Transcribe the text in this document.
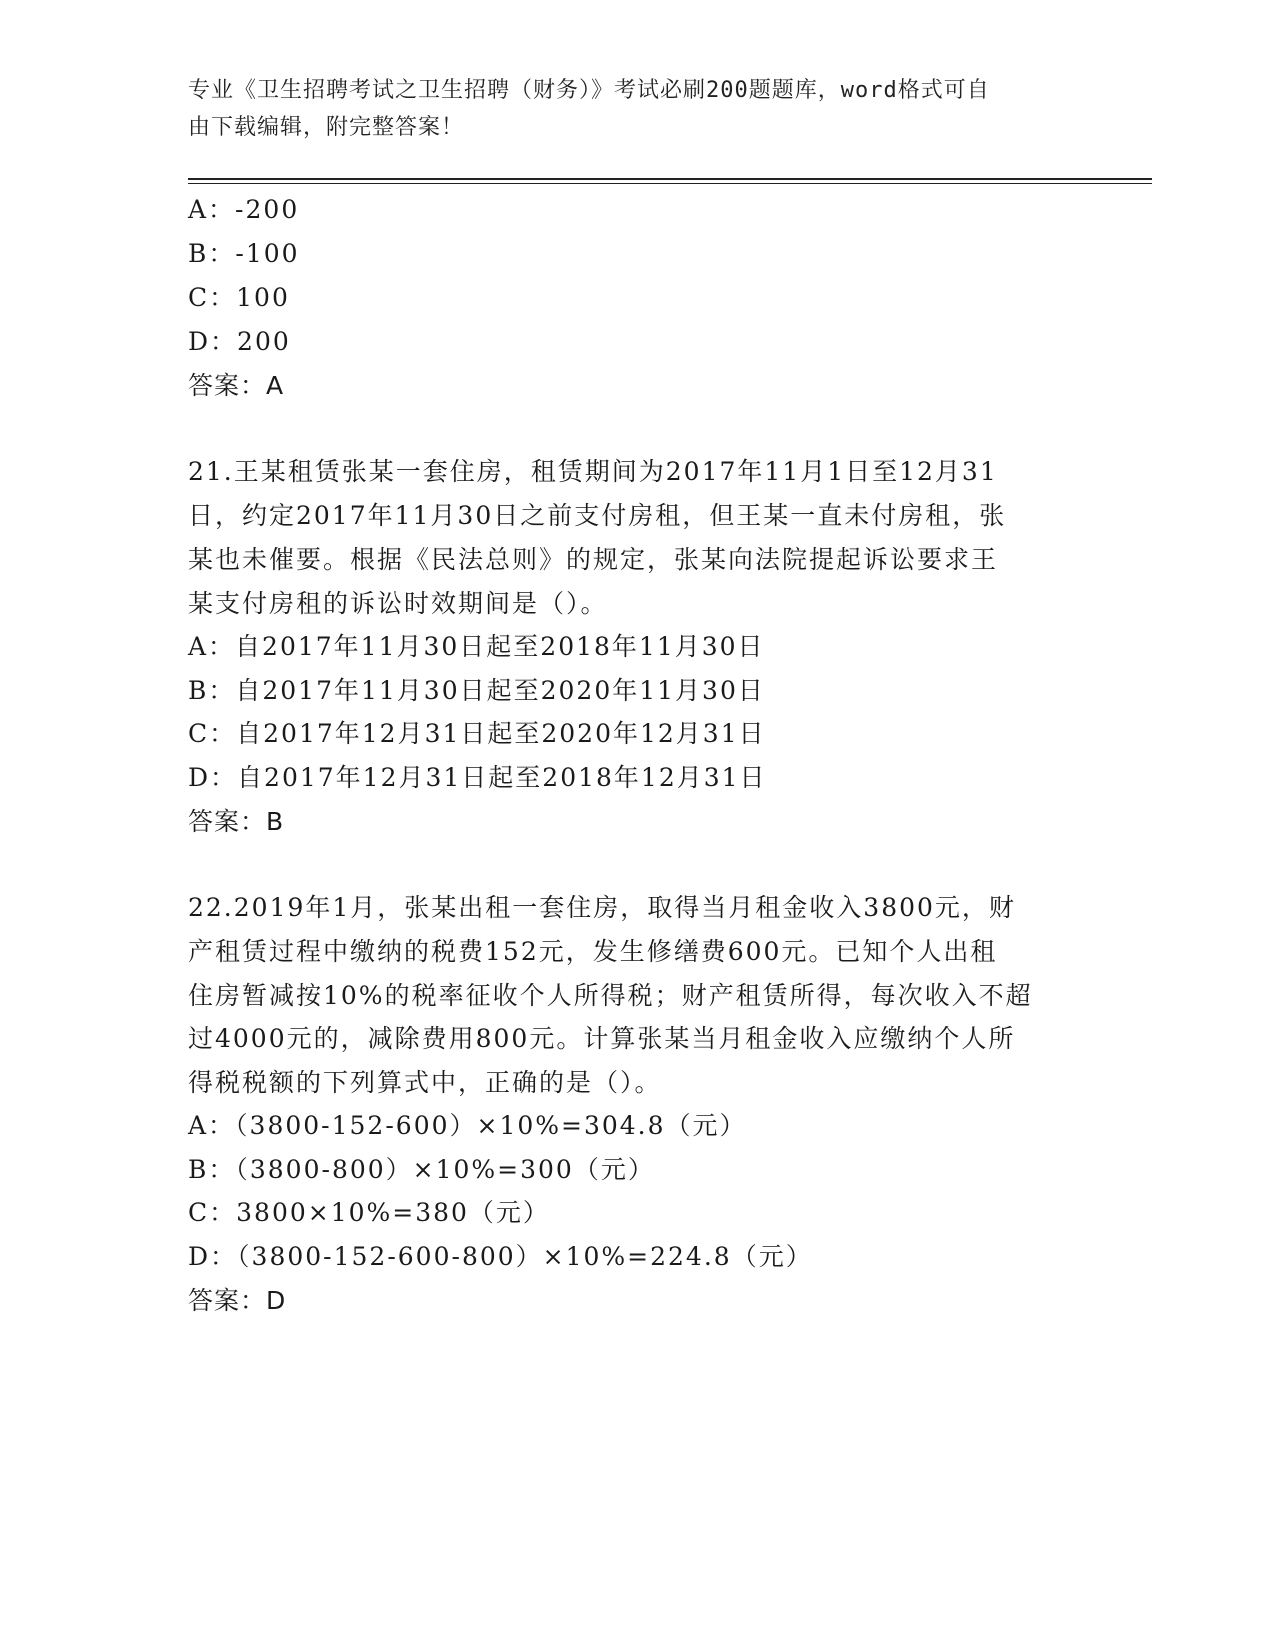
专业《卫生招聘考试之卫生招聘（财务）》考试必刷200题题库，word格式可自
由下载编辑，附完整答案！
A：-200
B：-100
C：100
D：200
答案：A
21.王某租赁张某一套住房，租赁期间为2017年11月1日至12月31
日，约定2017年11月30日之前支付房租，但王某一直未付房租，张
某也未催要。根据《民法总则》的规定，张某向法院提起诉讼要求王
某支付房租的诉讼时效期间是（）。
A：自2017年11月30日起至2018年11月30日
B：自2017年11月30日起至2020年11月30日
C：自2017年12月31日起至2020年12月31日
D：自2017年12月31日起至2018年12月31日
答案：B
22.2019年1月，张某出租一套住房，取得当月租金收入3800元，财
产租赁过程中缴纳的税费152元，发生修缮费600元。已知个人出租
住房暂减按10%的税率征收个人所得税；财产租赁所得，每次收入不超
过4000元的，减除费用800元。计算张某当月租金收入应缴纳个人所
得税税额的下列算式中，正确的是（）。
A：（3800-152-600）×10%=304.8（元）
B：（3800-800）×10%=300（元）
C：3800×10%=380（元）
D：（3800-152-600-800）×10%=224.8（元）
答案：D
